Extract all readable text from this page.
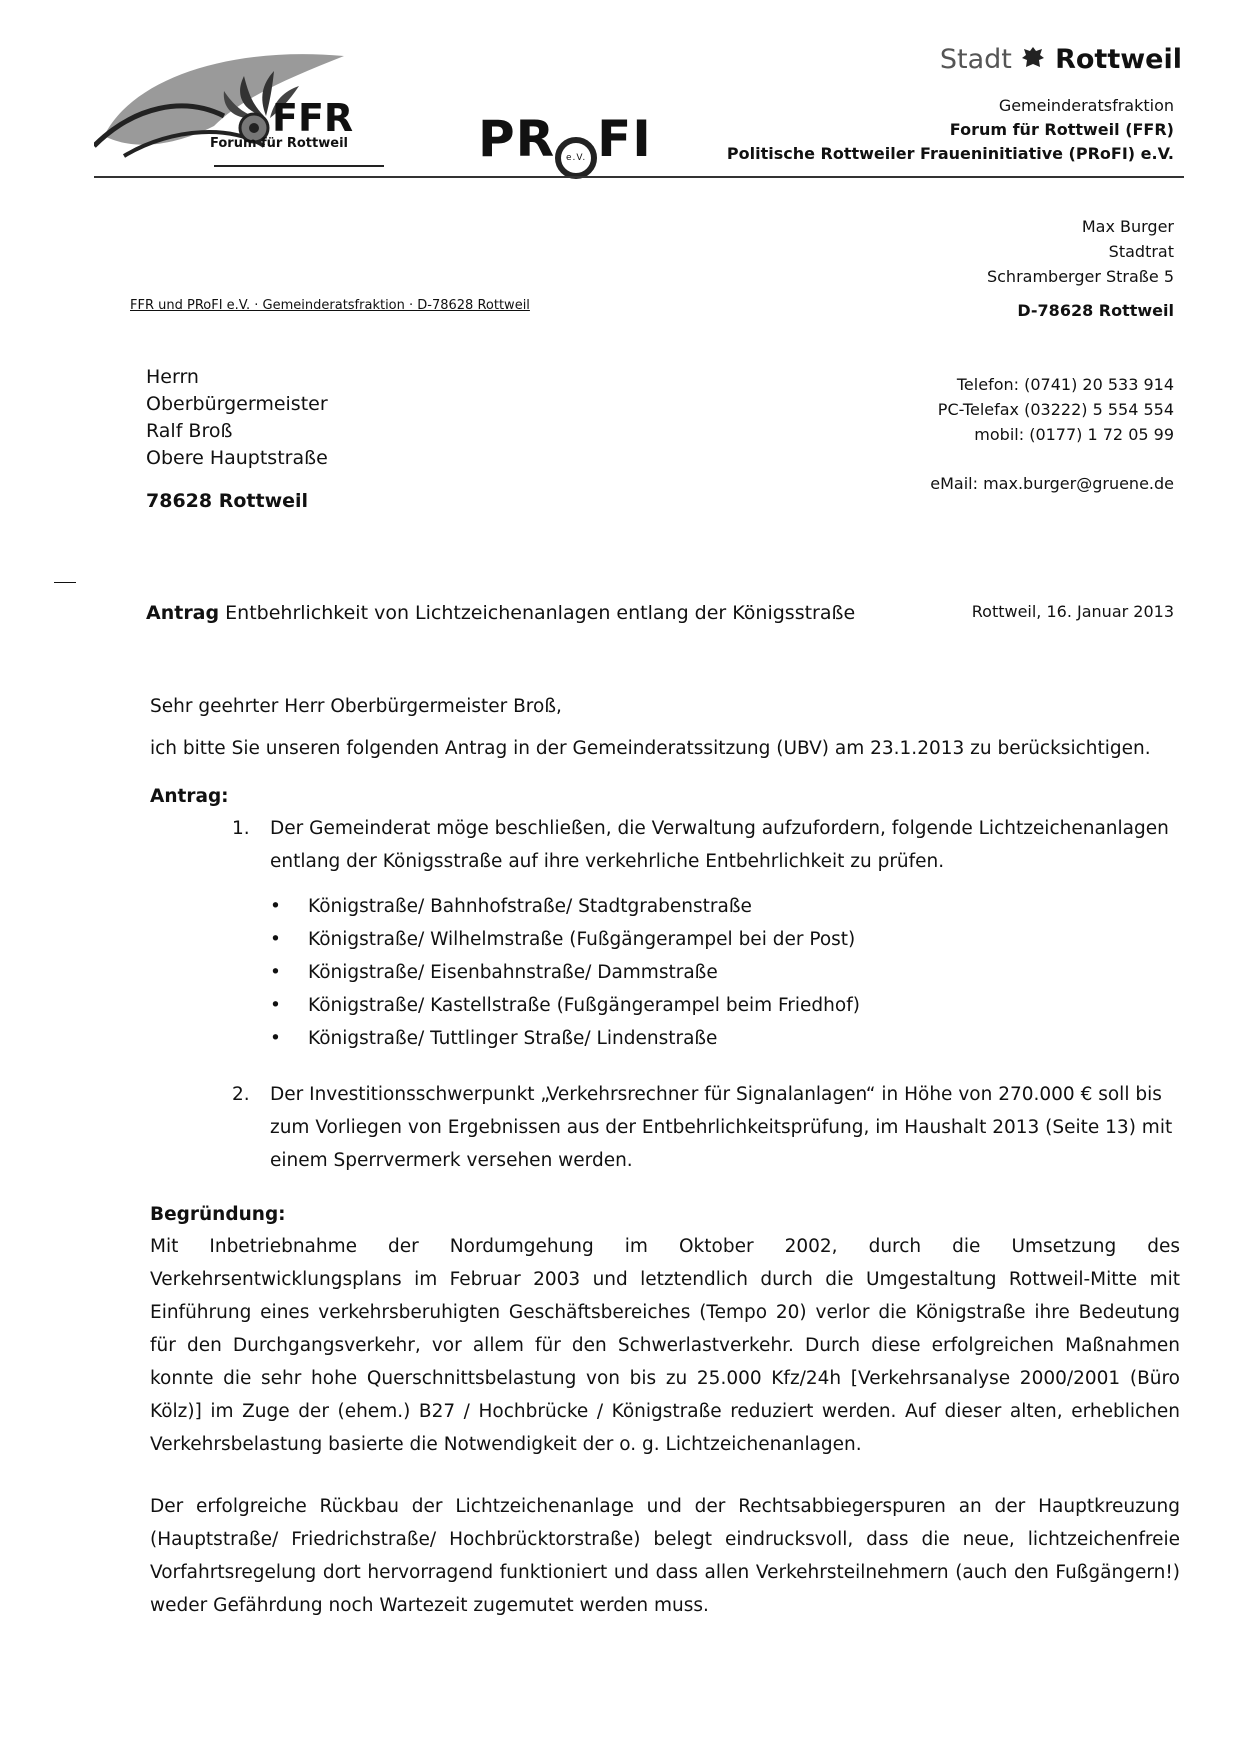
FFR
Forum für Rottweil	PR e.V. FI
Stadt Rottweil
Gemeinderatsfraktion
Forum für Rottweil (FFR)
Politische Rottweiler Fraueninitiative (PRoFI) e.V.
Max Burger
Stadtrat
Schramberger Straße 5
D-78628 Rottweil
FFR und PRoFI e.V. · Gemeinderatsfraktion · D-78628 Rottweil
Herrn
Oberbürgermeister
Ralf Broß
Obere Hauptstraße
78628 Rottweil
Telefon: (0741) 20 533 914
PC-Telefax (03222) 5 554 554
mobil: (0177) 1 72 05 99
eMail: max.burger@gruene.de
Antrag Entbehrlichkeit von Lichtzeichenanlagen entlang der Königsstraße	Rottweil, 16. Januar 2013
Sehr geehrter Herr Oberbürgermeister Broß,
ich bitte Sie unseren folgenden Antrag in der Gemeinderatssitzung (UBV) am 23.1.2013 zu berücksichtigen.
Antrag:
1. Der Gemeinderat möge beschließen, die Verwaltung aufzufordern, folgende Lichtzeichenanlagen entlang der Königsstraße auf ihre verkehrliche Entbehrlichkeit zu prüfen.
• Königstraße/ Bahnhofstraße/ Stadtgrabenstraße
• Königstraße/ Wilhelmstraße (Fußgängerampel bei der Post)
• Königstraße/ Eisenbahnstraße/ Dammstraße
• Königstraße/ Kastellstraße (Fußgängerampel beim Friedhof)
• Königstraße/ Tuttlinger Straße/ Lindenstraße
2. Der Investitionsschwerpunkt „Verkehrsrechner für Signalanlagen“ in Höhe von 270.000 € soll bis zum Vorliegen von Ergebnissen aus der Entbehrlichkeitsprüfung, im Haushalt 2013 (Seite 13) mit einem Sperrvermerk versehen werden.
Begründung:
Mit Inbetriebnahme der Nordumgehung im Oktober 2002, durch die Umsetzung des Verkehrsentwicklungsplans im Februar 2003 und letztendlich durch die Umgestaltung Rottweil-Mitte mit Einführung eines verkehrsberuhigten Geschäftsbereiches (Tempo 20) verlor die Königstraße ihre Bedeutung für den Durchgangsverkehr, vor allem für den Schwerlastverkehr. Durch diese erfolgreichen Maßnahmen konnte die sehr hohe Querschnittsbelastung von bis zu 25.000 Kfz/24h [Verkehrsanalyse 2000/2001 (Büro Kölz)] im Zuge der (ehem.) B27 / Hochbrücke / Königstraße reduziert werden. Auf dieser alten, erheblichen Verkehrsbelastung basierte die Notwendigkeit der o. g. Lichtzeichenanlagen.
Der erfolgreiche Rückbau der Lichtzeichenanlage und der Rechtsabbiegerspuren an der Hauptkreuzung (Hauptstraße/ Friedrichstraße/ Hochbrücktorstraße) belegt eindrucksvoll, dass die neue, lichtzeichenfreie Vorfahrtsregelung dort hervorragend funktioniert und dass allen Verkehrsteilnehmern (auch den Fußgängern!) weder Gefährdung noch Wartezeit zugemutet werden muss.
